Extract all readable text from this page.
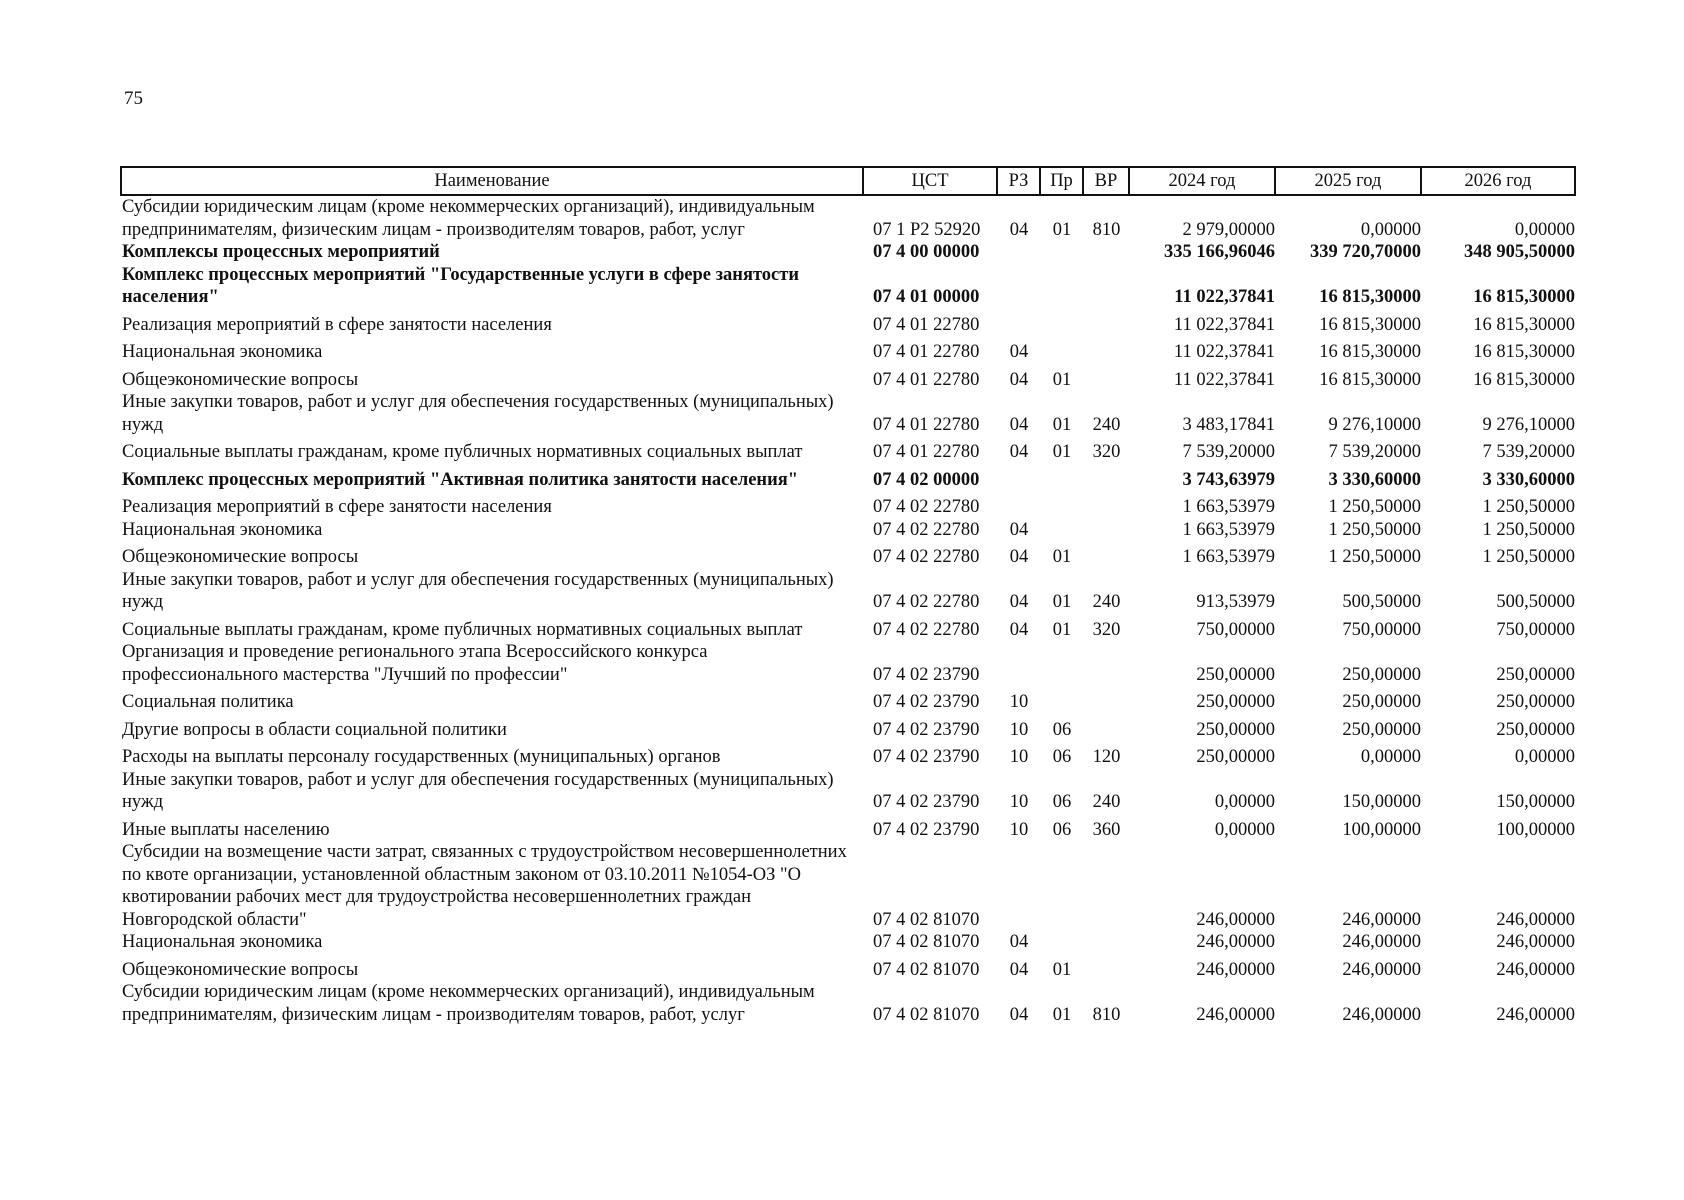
75
Наименование	ЦСТ	РЗ	Пр	ВР	2024 год	2025 год	2026 год
Субсидии юридическим лицам (кроме некоммерческих организаций), индивидуальным предпринимателям, физическим лицам - производителям товаров, работ, услуг	07 1 Р2 52920	04	01	810	2 979,00000	0,00000	0,00000
Комплексы процессных мероприятий	07 4 00 00000				335 166,96046	339 720,70000	348 905,50000
Комплекс процессных мероприятий "Государственные услуги в сфере занятости населения"	07 4 01 00000				11 022,37841	16 815,30000	16 815,30000
Реализация мероприятий в сфере занятости населения	07 4 01 22780				11 022,37841	16 815,30000	16 815,30000
Национальная экономика	07 4 01 22780	04			11 022,37841	16 815,30000	16 815,30000
Общеэкономические вопросы	07 4 01 22780	04	01		11 022,37841	16 815,30000	16 815,30000
Иные закупки товаров, работ и услуг для обеспечения государственных (муниципальных) нужд	07 4 01 22780	04	01	240	3 483,17841	9 276,10000	9 276,10000
Социальные выплаты гражданам, кроме публичных нормативных социальных выплат	07 4 01 22780	04	01	320	7 539,20000	7 539,20000	7 539,20000
Комплекс процессных мероприятий "Активная политика занятости населения"	07 4 02 00000				3 743,63979	3 330,60000	3 330,60000
Реализация мероприятий в сфере занятости населения	07 4 02 22780				1 663,53979	1 250,50000	1 250,50000
Национальная экономика	07 4 02 22780	04			1 663,53979	1 250,50000	1 250,50000
Общеэкономические вопросы	07 4 02 22780	04	01		1 663,53979	1 250,50000	1 250,50000
Иные закупки товаров, работ и услуг для обеспечения государственных (муниципальных) нужд	07 4 02 22780	04	01	240	913,53979	500,50000	500,50000
Социальные выплаты гражданам, кроме публичных нормативных социальных выплат	07 4 02 22780	04	01	320	750,00000	750,00000	750,00000
Организация и проведение регионального этапа Всероссийского конкурса профессионального мастерства "Лучший по профессии"	07 4 02 23790				250,00000	250,00000	250,00000
Социальная политика	07 4 02 23790	10			250,00000	250,00000	250,00000
Другие вопросы в области социальной политики	07 4 02 23790	10	06		250,00000	250,00000	250,00000
Расходы на выплаты персоналу государственных (муниципальных) органов	07 4 02 23790	10	06	120	250,00000	0,00000	0,00000
Иные закупки товаров, работ и услуг для обеспечения государственных (муниципальных) нужд	07 4 02 23790	10	06	240	0,00000	150,00000	150,00000
Иные выплаты населению	07 4 02 23790	10	06	360	0,00000	100,00000	100,00000
Субсидии на возмещение части затрат, связанных с трудоустройством несовершеннолетних по квоте организации, установленной областным законом от 03.10.2011 №1054-ОЗ "О квотировании рабочих мест для трудоустройства несовершеннолетних граждан Новгородской области"	07 4 02 81070				246,00000	246,00000	246,00000
Национальная экономика	07 4 02 81070	04			246,00000	246,00000	246,00000
Общеэкономические вопросы	07 4 02 81070	04	01		246,00000	246,00000	246,00000
Субсидии юридическим лицам (кроме некоммерческих организаций), индивидуальным предпринимателям, физическим лицам - производителям товаров, работ, услуг	07 4 02 81070	04	01	810	246,00000	246,00000	246,00000
